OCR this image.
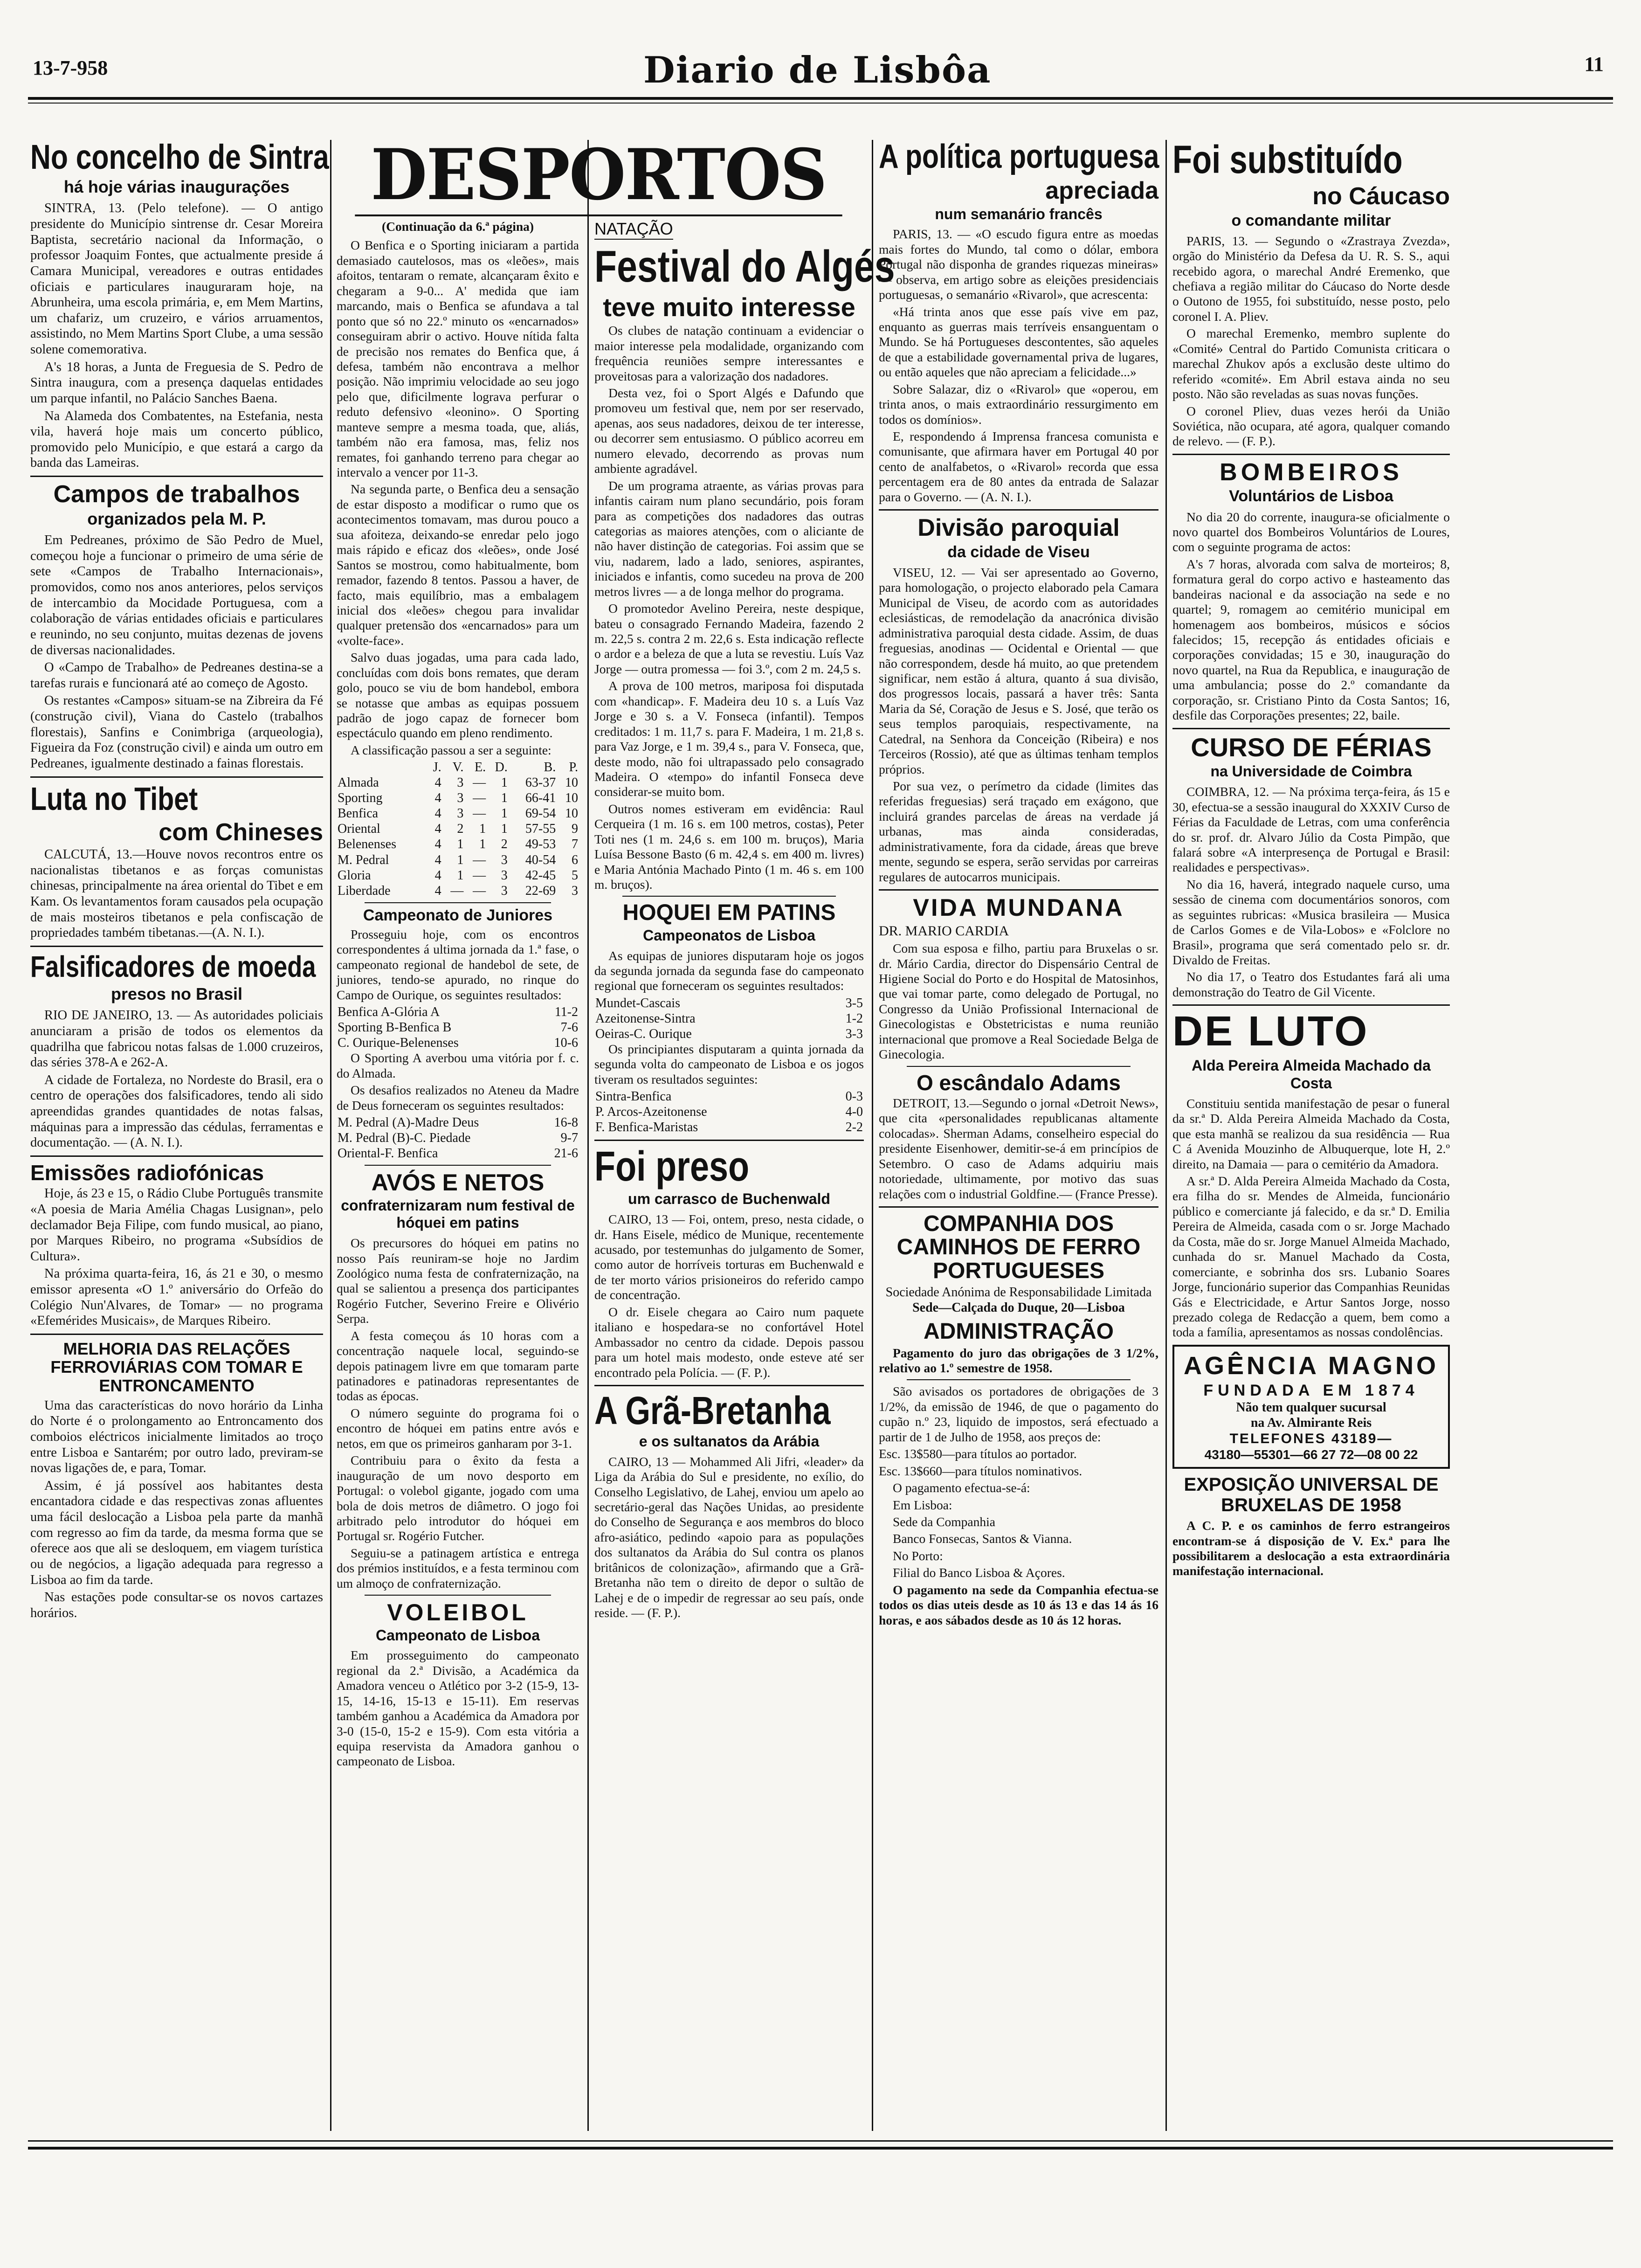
13-7-958	Diario de Lisbôa	11
No concelho de Sintra
há hoje várias inaugurações

SINTRA, 13. (Pelo telefone). — O antigo presidente do Município sintrense dr. Cesar Moreira Baptista, secretário nacional da Informação, o professor Joaquim Fontes, que actualmente preside á Camara Municipal, vereadores e outras entidades oficiais e particulares inauguraram hoje, na Abrunheira, uma escola primária, e, em Mem Martins, um chafariz, um cruzeiro, e vários arruamentos, assistindo, no Mem Martins Sport Clube, a uma sessão solene comemorativa.

A's 18 horas, a Junta de Freguesia de S. Pedro de Sintra inaugura, com a presença daquelas entidades um parque infantil, no Palácio Sanches Baena.

Na Alameda dos Combatentes, na Estefania, nesta vila, haverá hoje mais um concerto público, promovido pelo Município, e que estará a cargo da banda das Lameiras.

Campos de trabalhos
organizados pela M. P.

Em Pedreanes, próximo de São Pedro de Muel, começou hoje a funcionar o primeiro de uma série de sete «Campos de Trabalho Internacionais», promovidos, como nos anos anteriores, pelos serviços de intercambio da Mocidade Portuguesa, com a colaboração de várias entidades oficiais e particulares e reunindo, no seu conjunto, muitas dezenas de jovens de diversas nacionalidades.

O «Campo de Trabalho» de Pedreanes destina-se a tarefas rurais e funcionará até ao começo de Agosto.

Os restantes «Campos» situam-se na Zibreira da Fé (construção civil), Viana do Castelo (trabalhos florestais), Sanfins e Conimbriga (arqueologia), Figueira da Foz (construção civil) e ainda um outro em Pedreanes, igualmente destinado a fainas florestais.

Luta no Tibet
com Chineses

CALCUTÁ, 13.—Houve novos recontros entre os nacionalistas tibetanos e as forças comunistas chinesas, principalmente na área oriental do Tibet e em Kam. Os levantamentos foram causados pela ocupação de mais mosteiros tibetanos e pela confiscação de propriedades também tibetanas.—(A. N. I.).

Falsificadores de moeda
presos no Brasil

RIO DE JANEIRO, 13. — As autoridades policiais anunciaram a prisão de todos os elementos da quadrilha que fabricou notas falsas de 1.000 cruzeiros, das séries 378-A e 262-A.

A cidade de Fortaleza, no Nordeste do Brasil, era o centro de operações dos falsificadores, tendo ali sido apreendidas grandes quantidades de notas falsas, máquinas para a impressão das cédulas, ferramentas e documentação. — (A. N. I.).

Emissões radiofónicas

Hoje, ás 23 e 15, o Rádio Clube Português transmite «A poesia de Maria Amélia Chagas Lusignan», pelo declamador Beja Filipe, com fundo musical, ao piano, por Marques Ribeiro, no programa «Subsídios de Cultura».

Na próxima quarta-feira, 16, ás 21 e 30, o mesmo emissor apresenta «O 1.º aniversário do Orfeão do Colégio Nun'Alvares, de Tomar» — no programa «Efemérides Musicais», de Marques Ribeiro.

MELHORIA DAS RELAÇÕES FERROVIÁRIAS COM TOMAR E ENTRONCAMENTO

Uma das características do novo horário da Linha do Norte é o prolongamento ao Entroncamento dos comboios eléctricos inicialmente limitados ao troço entre Lisboa e Santarém; por outro lado, previram-se novas ligações de, e para, Tomar.

Assim, é já possível aos habitantes desta encantadora cidade e das respectivas zonas afluentes uma fácil deslocação a Lisboa pela parte da manhã com regresso ao fim da tarde, da mesma forma que se oferece aos que ali se desloquem, em viagem turística ou de negócios, a ligação adequada para regresso a Lisboa ao fim da tarde.

Nas estações pode consultar-se os novos cartazes horários.

DESPORTOS
(Continuação da 6.ª página)

O Benfica e o Sporting iniciaram a partida demasiado cautelosos, mas os «leões», mais afoitos, tentaram o remate, alcançaram êxito e chegaram a 9-0... A' medida que iam marcando, mais o Benfica se afundava a tal ponto que só no 22.º minuto os «encarnados» conseguiram abrir o activo. Houve nítida falta de precisão nos remates do Benfica que, á defesa, também não encontrava a melhor posição. Não imprimiu velocidade ao seu jogo pelo que, dificilmente lograva perfurar o reduto defensivo «leonino». O Sporting manteve sempre a mesma toada, que, aliás, também não era famosa, mas, feliz nos remates, foi ganhando terreno para chegar ao intervalo a vencer por 11-3.

Na segunda parte, o Benfica deu a sensação de estar disposto a modificar o rumo que os acontecimentos tomavam, mas durou pouco a sua afoiteza, deixando-se enredar pelo jogo mais rápido e eficaz dos «leões», onde José Santos se mostrou, como habitualmente, bom remador, fazendo 8 tentos. Passou a haver, de facto, mais equilíbrio, mas a embalagem inicial dos «leões» chegou para invalidar qualquer pretensão dos «encarnados» para um «volte-face».

Salvo duas jogadas, uma para cada lado, concluídas com dois bons remates, que deram golo, pouco se viu de bom handebol, embora se notasse que ambas as equipas possuem padrão de jogo capaz de fornecer bom espectáculo quando em pleno rendimento.

A classificação passou a ser a seguinte:

	J.	V.	E.	D.	B.	P.
Almada	4	3	—	1	63-37	10
Sporting	4	3	—	1	66-41	10
Benfica	4	3	—	1	69-54	10
Oriental	4	2	1	1	57-55	9
Belenenses	4	1	1	2	49-53	7
M. Pedral	4	1	—	3	40-54	6
Gloria	4	1	—	3	42-45	5
Liberdade	4	—	—	3	22-69	3
Campeonato de Juniores

Prosseguiu hoje, com os encontros correspondentes á ultima jornada da 1.ª fase, o campeonato regional de handebol de sete, de juniores, tendo-se apurado, no rinque do Campo de Ourique, os seguintes resultados:

Benfica A-Glória A	11-2
Sporting B-Benfica B	7-6
C. Ourique-Belenenses	10-6

O Sporting A averbou uma vitória por f. c. do Almada.

Os desafios realizados no Ateneu da Madre de Deus forneceram os seguintes resultados:

M. Pedral (A)-Madre Deus	16-8
M. Pedral (B)-C. Piedade	9-7
Oriental-F. Benfica	21-6
AVÓS E NETOS
confraternizaram num festival de hóquei em patins

Os precursores do hóquei em patins no nosso País reuniram-se hoje no Jardim Zoológico numa festa de confraternização, na qual se salientou a presença dos participantes Rogério Futcher, Severino Freire e Olivério Serpa.

A festa começou ás 10 horas com a concentração naquele local, seguindo-se depois patinagem livre em que tomaram parte patinadores e patinadoras representantes de todas as épocas.

O número seguinte do programa foi o encontro de hóquei em patins entre avós e netos, em que os primeiros ganharam por 3-1.

Contribuiu para o êxito da festa a inauguração de um novo desporto em Portugal: o volebol gigante, jogado com uma bola de dois metros de diâmetro. O jogo foi arbitrado pelo introdutor do hóquei em Portugal sr. Rogério Futcher.

Seguiu-se a patinagem artística e entrega dos prémios instituídos, e a festa terminou com um almoço de confraternização.

VOLEIBOL
Campeonato de Lisboa

Em prosseguimento do campeonato regional da 2.ª Divisão, a Académica da Amadora venceu o Atlético por 3-2 (15-9, 13-15, 14-16, 15-13 e 15-11). Em reservas também ganhou a Académica da Amadora por 3-0 (15-0, 15-2 e 15-9). Com esta vitória a equipa reservista da Amadora ganhou o campeonato de Lisboa.

NATAÇÃO
Festival do Algés
teve muito interesse

Os clubes de natação continuam a evidenciar o maior interesse pela modalidade, organizando com frequência reuniões sempre interessantes e proveitosas para a valorização dos nadadores.

Desta vez, foi o Sport Algés e Dafundo que promoveu um festival que, nem por ser reservado, apenas, aos seus nadadores, deixou de ter interesse, ou decorrer sem entusiasmo. O público acorreu em numero elevado, decorrendo as provas num ambiente agradável.

De um programa atraente, as várias provas para infantis cairam num plano secundário, pois foram para as competições dos nadadores das outras categorias as maiores atenções, com o aliciante de não haver distinção de categorias. Foi assim que se viu, nadarem, lado a lado, seniores, aspirantes, iniciados e infantis, como sucedeu na prova de 200 metros livres — a de longa melhor do programa.

O promotedor Avelino Pereira, neste despique, bateu o consagrado Fernando Madeira, fazendo 2 m. 22,5 s. contra 2 m. 22,6 s. Esta indicação reflecte o ardor e a beleza de que a luta se revestiu. Luís Vaz Jorge — outra promessa — foi 3.º, com 2 m. 24,5 s.

A prova de 100 metros, mariposa foi disputada com «handicap». F. Madeira deu 10 s. a Luís Vaz Jorge e 30 s. a V. Fonseca (infantil). Tempos creditados: 1 m. 11,7 s. para F. Madeira, 1 m. 21,8 s. para Vaz Jorge, e 1 m. 39,4 s., para V. Fonseca, que, deste modo, não foi ultrapassado pelo consagrado Madeira. O «tempo» do infantil Fonseca deve considerar-se muito bom.

Outros nomes estiveram em evidência: Raul Cerqueira (1 m. 16 s. em 100 metros, costas), Peter Toti nes (1 m. 24,6 s. em 100 m. bruços), Maria Luísa Bessone Basto (6 m. 42,4 s. em 400 m. livres) e Maria Antónia Machado Pinto (1 m. 46 s. em 100 m. bruços).

HOQUEI EM PATINS
Campeonatos de Lisboa

As equipas de juniores disputaram hoje os jogos da segunda jornada da segunda fase do campeonato regional que forneceram os seguintes resultados:

Mundet-Cascais	3-5
Azeitonense-Sintra	1-2
Oeiras-C. Ourique	3-3

Os principiantes disputaram a quinta jornada da segunda volta do campeonato de Lisboa e os jogos tiveram os resultados seguintes:

Sintra-Benfica	0-3
P. Arcos-Azeitonense	4-0
F. Benfica-Maristas	2-2
Foi preso
um carrasco de Buchenwald

CAIRO, 13 — Foi, ontem, preso, nesta cidade, o dr. Hans Eisele, médico de Munique, recentemente acusado, por testemunhas do julgamento de Somer, como autor de horríveis torturas em Buchenwald e de ter morto vários prisioneiros do referido campo de concentração.

O dr. Eisele chegara ao Cairo num paquete italiano e hospedara-se no confortável Hotel Ambassador no centro da cidade. Depois passou para um hotel mais modesto, onde esteve até ser encontrado pela Polícia. — (F. P.).

A Grã-Bretanha
e os sultanatos da Arábia

CAIRO, 13 — Mohammed Ali Jifri, «leader» da Liga da Arábia do Sul e presidente, no exílio, do Conselho Legislativo, de Lahej, enviou um apelo ao secretário-geral das Nações Unidas, ao presidente do Conselho de Segurança e aos membros do bloco afro-asiático, pedindo «apoio para as populações dos sultanatos da Arábia do Sul contra os planos britânicos de colonização», afirmando que a Grã-Bretanha não tem o direito de depor o sultão de Lahej e de o impedir de regressar ao seu país, onde reside. — (F. P.).

A política portuguesa
apreciada
num semanário francês

PARIS, 13. — «O escudo figura entre as moedas mais fortes do Mundo, tal como o dólar, embora Portugal não disponha de grandes riquezas mineiras» — observa, em artigo sobre as eleições presidenciais portuguesas, o semanário «Rivarol», que acrescenta:

«Há trinta anos que esse país vive em paz, enquanto as guerras mais terríveis ensanguentam o Mundo. Se há Portugueses descontentes, são aqueles de que a estabilidade governamental priva de lugares, ou então aqueles que não apreciam a felicidade...»

Sobre Salazar, diz o «Rivarol» que «operou, em trinta anos, o mais extraordinário ressurgimento em todos os domínios».

E, respondendo á Imprensa francesa comunista e comunisante, que afirmara haver em Portugal 40 por cento de analfabetos, o «Rivarol» recorda que essa percentagem era de 80 antes da entrada de Salazar para o Governo. — (A. N. I.).

Divisão paroquial
da cidade de Viseu

VISEU, 12. — Vai ser apresentado ao Governo, para homologação, o projecto elaborado pela Camara Municipal de Viseu, de acordo com as autoridades eclesiásticas, de remodelação da anacrónica divisão administrativa paroquial desta cidade. Assim, de duas freguesias, anodinas — Ocidental e Oriental — que não correspondem, desde há muito, ao que pretendem significar, nem estão á altura, quanto á sua divisão, dos progressos locais, passará a haver três: Santa Maria da Sé, Coração de Jesus e S. José, que terão os seus templos paroquiais, respectivamente, na Catedral, na Senhora da Conceição (Ribeira) e nos Terceiros (Rossio), até que as últimas tenham templos próprios.

Por sua vez, o perímetro da cidade (limites das referidas freguesias) será traçado em exágono, que incluirá grandes parcelas de áreas na verdade já urbanas, mas ainda consideradas, administrativamente, fora da cidade, áreas que breve mente, segundo se espera, serão servidas por carreiras regulares de autocarros municipais.

VIDA MUNDANA
DR. MARIO CARDIA

Com sua esposa e filho, partiu para Bruxelas o sr. dr. Mário Cardia, director do Dispensário Central de Higiene Social do Porto e do Hospital de Matosinhos, que vai tomar parte, como delegado de Portugal, no Congresso da União Profissional Internacional de Ginecologistas e Obstetricistas e numa reunião internacional que promove a Real Sociedade Belga de Ginecologia.

O escândalo Adams

DETROIT, 13.—Segundo o jornal «Detroit News», que cita «personalidades republicanas altamente colocadas». Sherman Adams, conselheiro especial do presidente Eisenhower, demitir-se-á em princípios de Setembro. O caso de Adams adquiriu mais notoriedade, ultimamente, por motivo das suas relações com o industrial Goldfine.— (France Presse).

COMPANHIA DOS CAMINHOS DE FERRO PORTUGUESES
Sociedade Anónima de Responsabilidade Limitada
Sede—Calçada do Duque, 20—Lisboa
ADMINISTRAÇÃO

Pagamento do juro das obrigações de 3 1/2%, relativo ao 1.º semestre de 1958.

São avisados os portadores de obrigações de 3 1/2%, da emissão de 1946, de que o pagamento do cupão n.º 23, liquido de impostos, será efectuado a partir de 1 de Julho de 1958, aos preços de:

Esc. 13$580—para títulos ao portador.

Esc. 13$660—para títulos nominativos.

O pagamento efectua-se-á:

Em Lisboa:

Sede da Companhia

Banco Fonsecas, Santos & Vianna.

No Porto:

Filial do Banco Lisboa & Açores.

O pagamento na sede da Companhia efectua-se todos os dias uteis desde as 10 ás 13 e das 14 ás 16 horas, e aos sábados desde as 10 ás 12 horas.

Foi substituído
no Cáucaso
o comandante militar

PARIS, 13. — Segundo o «Zrastraya Zvezda», orgão do Ministério da Defesa da U. R. S. S., aqui recebido agora, o marechal André Eremenko, que chefiava a região militar do Cáucaso do Norte desde o Outono de 1955, foi substituído, nesse posto, pelo coronel I. A. Pliev.

O marechal Eremenko, membro suplente do «Comité» Central do Partido Comunista criticara o marechal Zhukov após a exclusão deste ultimo do referido «comité». Em Abril estava ainda no seu posto. Não são reveladas as suas novas funções.

O coronel Pliev, duas vezes herói da União Soviética, não ocupara, até agora, qualquer comando de relevo. — (F. P.).

BOMBEIROS
Voluntários de Lisboa

No dia 20 do corrente, inaugura-se oficialmente o novo quartel dos Bombeiros Voluntários de Loures, com o seguinte programa de actos:

A's 7 horas, alvorada com salva de morteiros; 8, formatura geral do corpo activo e hasteamento das bandeiras nacional e da associação na sede e no quartel; 9, romagem ao cemitério municipal em homenagem aos bombeiros, músicos e sócios falecidos; 15, recepção ás entidades oficiais e corporações convidadas; 15 e 30, inauguração do novo quartel, na Rua da Republica, e inauguração de uma ambulancia; posse do 2.º comandante da corporação, sr. Cristiano Pinto da Costa Santos; 16, desfile das Corporações presentes; 22, baile.

CURSO DE FÉRIAS
na Universidade de Coimbra

COIMBRA, 12. — Na próxima terça-feira, ás 15 e 30, efectua-se a sessão inaugural do XXXIV Curso de Férias da Faculdade de Letras, com uma conferência do sr. prof. dr. Alvaro Júlio da Costa Pimpão, que falará sobre «A interpresença de Portugal e Brasil: realidades e perspectivas».

No dia 16, haverá, integrado naquele curso, uma sessão de cinema com documentários sonoros, com as seguintes rubricas: «Musica brasileira — Musica de Carlos Gomes e de Vila-Lobos» e «Folclore no Brasil», programa que será comentado pelo sr. dr. Divaldo de Freitas.

No dia 17, o Teatro dos Estudantes fará ali uma demonstração do Teatro de Gil Vicente.

DE LUTO
Alda Pereira Almeida Machado da Costa

Constituiu sentida manifestação de pesar o funeral da sr.ª D. Alda Pereira Almeida Machado da Costa, que esta manhã se realizou da sua residência — Rua C á Avenida Mouzinho de Albuquerque, lote H, 2.º direito, na Damaia — para o cemitério da Amadora.

A sr.ª D. Alda Pereira Almeida Machado da Costa, era filha do sr. Mendes de Almeida, funcionário público e comerciante já falecido, e da sr.ª D. Emilia Pereira de Almeida, casada com o sr. Jorge Machado da Costa, mãe do sr. Jorge Manuel Almeida Machado, cunhada do sr. Manuel Machado da Costa, comerciante, e sobrinha dos srs. Lubanio Soares Jorge, funcionário superior das Companhias Reunidas Gás e Electricidade, e Artur Santos Jorge, nosso prezado colega de Redacção a quem, bem como a toda a família, apresentamos as nossas condolências.

AGÊNCIA MAGNO
FUNDADA EM 1874
Não tem qualquer sucursal
na Av. Almirante Reis
TELEFONES 43189—
43180—55301—66 27 72—08 00 22
EXPOSIÇÃO UNIVERSAL DE BRUXELAS DE 1958

A C. P. e os caminhos de ferro estrangeiros encontram-se á disposição de V. Ex.ª para lhe possibilitarem a deslocação a esta extraordinária manifestação internacional.
